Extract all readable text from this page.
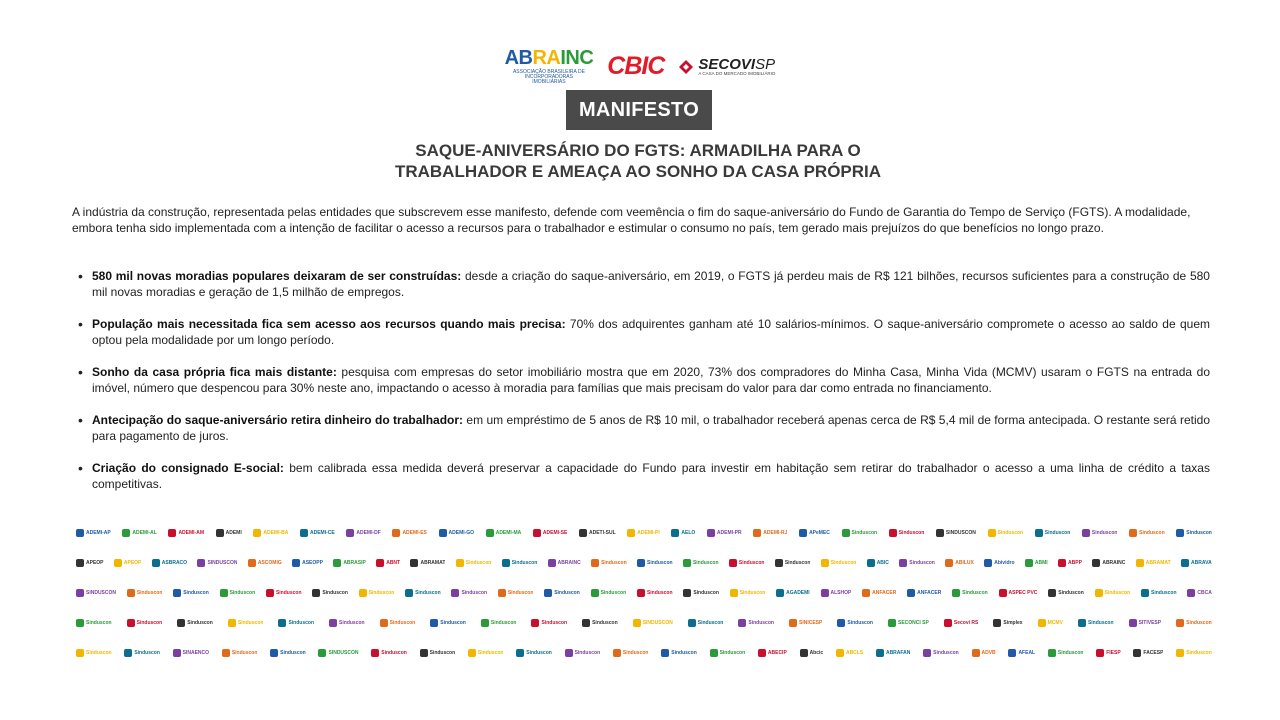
ABRAINC
ASSOCIAÇÃO BRASILEIRA DE INCORPORADORAS IMOBILIÁRIAS
CBIC SECOVISP
A CASA DO MERCADO IMOBILIÁRIO
MANIFESTO
SAQUE-ANIVERSÁRIO DO FGTS: ARMADILHA PARA O
TRABALHADOR E AMEAÇA AO SONHO DA CASA PRÓPRIA

A indústria da construção, representada pelas entidades que subscrevem esse manifesto, defende com veemência o fim do saque-aniversário do Fundo de Garantia do Tempo de Serviço (FGTS). A modalidade, embora tenha sido implementada com a intenção de facilitar o acesso a recursos para o trabalhador e estimular o consumo no país, tem gerado mais prejuízos do que benefícios no longo prazo.

• 580 mil novas moradias populares deixaram de ser construídas: desde a criação do saque-aniversário, em 2019, o FGTS já perdeu mais de R$ 121 bilhões, recursos suficientes para a construção de 580 mil novas moradias e geração de 1,5 milhão de empregos.
• População mais necessitada fica sem acesso aos recursos quando mais precisa: 70% dos adquirentes ganham até 10 salários-mínimos. O saque-aniversário compromete o acesso ao saldo de quem optou pela modalidade por um longo período.
• Sonho da casa própria fica mais distante: pesquisa com empresas do setor imobiliário mostra que em 2020, 73% dos compradores do Minha Casa, Minha Vida (MCMV) usaram o FGTS na entrada do imóvel, número que despencou para 30% neste ano, impactando o acesso à moradia para famílias que mais precisam do valor para dar como entrada no financiamento.
• Antecipação do saque-aniversário retira dinheiro do trabalhador: em um empréstimo de 5 anos de R$ 10 mil, o trabalhador receberá apenas cerca de R$ 5,4 mil de forma antecipada. O restante será retido para pagamento de juros.
• Criação do consignado E-social: bem calibrada essa medida deverá preservar a capacidade do Fundo para investir em habitação sem retirar do trabalhador o acesso a uma linha de crédito a taxas competitivas.
ADEMI-AP	ADEMI-AL	ADEMI-AM	ADEMI	ADEMI-BA	ADEMI-CE	ADEMI-DF	ADEMI-ES	ADEMI-GO	ADEMI-MA	ADEMI-SE	ADETI-SUL	ADEMI-PI	AELO	ADEMI-PR	ADEMI-RJ	APeMEC	Sinduscon	Sinduscon	SINDUSCON	Sinduscon	Sinduscon	Sinduscon	Sinduscon	Sinduscon
APEOP	APEOP	ASBRACO	SINDUSCON	ASCOMIG	ASEOPP	ABRASIP	ABNT	ABRAMAT	Sinduscon	Sinduscon	ABRAINC	Sinduscon	Sinduscon	Sinduscon	Sinduscon	Sinduscon	Sinduscon	ABIC	Sinduscon	ABILUX	Abividro	ABMI	ABPP	ABRAINC	ABRAMAT	ABRAVA
SINDUSCON	Sinduscon	Sinduscon	Sinduscon	Sinduscon	Sinduscon	Sinduscon	Sinduscon	Sinduscon	Sinduscon	Sinduscon	Sinduscon	Sinduscon	Sinduscon	Sinduscon	AGADEMI	ALSHOP	ANFACER	ANFACER	Sinduscon	ASPEC PVC	Sinduscon	Sinduscon	Sinduscon	CBCA
Sinduscon	Sinduscon	Sinduscon	Sinduscon	Sinduscon	Sinduscon	Sinduscon	Sinduscon	Sinduscon	Sinduscon	Sinduscon	SINDUSCON	Sinduscon	Sinduscon	SINICESP	Sinduscon	SECONCI SP	Secovi RS	Simplex	MCMV	Sinduscon	SITIVESP	Sinduscon
Sinduscon	Sinduscon	SINAENCO	Sinduscon	Sinduscon	SINDUSCON	Sinduscon	Sinduscon	Sinduscon	Sinduscon	Sinduscon	Sinduscon	Sinduscon	Sinduscon	ABECIP	Abcic	ABCLS	ABRAFAN	Sinduscon	ADVB	AFEAL	Sinduscon	FIESP	FACESP	Sinduscon
